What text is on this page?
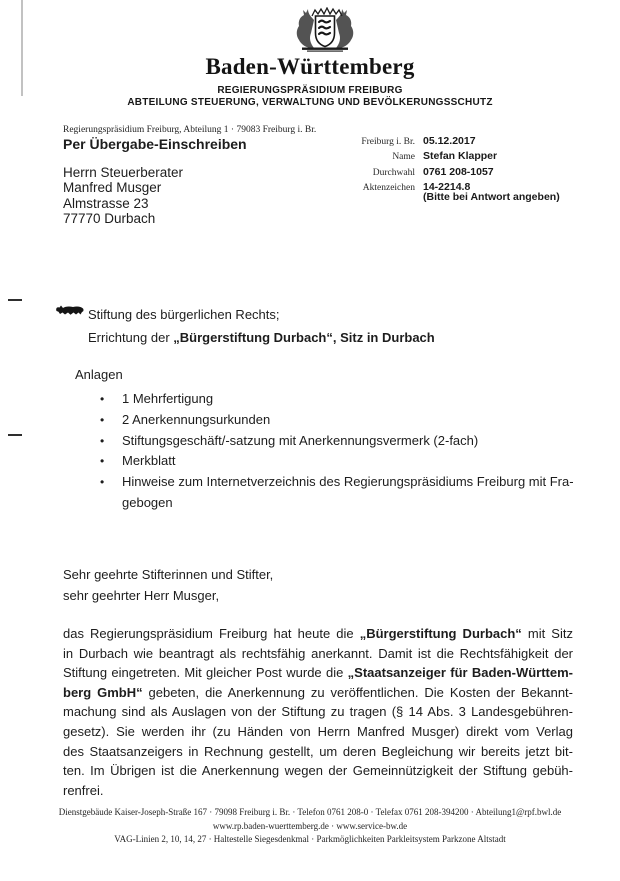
Baden-Württemberg
REGIERUNGSPRÄSIDIUM FREIBURG
ABTEILUNG STEUERUNG, VERWALTUNG UND BEVÖLKERUNGSSCHUTZ
Regierungspräsidium Freiburg, Abteilung 1 · 79083 Freiburg i. Br.
Per Übergabe-Einschreiben
Herrn Steuerberater
Manfred Musger
Almstrasse 23
77770 Durbach
Freiburg i. Br. 05.12.2017
Name Stefan Klapper
Durchwahl 0761 208-1057
Aktenzeichen 14-2214.8
(Bitte bei Antwort angeben)
Stiftung des bürgerlichen Rechts;
Errichtung der „Bürgerstiftung Durbach“, Sitz in Durbach
Anlagen
•	1 Mehrfertigung
•	2 Anerkennungsurkunden
•	Stiftungsgeschäft/-satzung mit Anerkennungsvermerk (2-fach)
•	Merkblatt
•	Hinweise zum Internetverzeichnis des Regierungspräsidiums Freiburg mit Fra-
gebogen
Sehr geehrte Stifterinnen und Stifter,
sehr geehrter Herr Musger,
das Regierungspräsidium Freiburg hat heute die „Bürgerstiftung Durbach“ mit Sitz
in Durbach wie beantragt als rechtsfähig anerkannt. Damit ist die Rechtsfähigkeit der
Stiftung eingetreten. Mit gleicher Post wurde die „Staatsanzeiger für Baden-Württem-
berg GmbH“ gebeten, die Anerkennung zu veröffentlichen. Die Kosten der Bekannt-
machung sind als Auslagen von der Stiftung zu tragen (§ 14 Abs. 3 Landesgebühren-
gesetz). Sie werden ihr (zu Händen von Herrn Manfred Musger) direkt vom Verlag
des Staatsanzeigers in Rechnung gestellt, um deren Begleichung wir bereits jetzt bit-
ten. Im Übrigen ist die Anerkennung wegen der Gemeinnützigkeit der Stiftung gebüh-
renfrei.
Dienstgebäude Kaiser-Joseph-Straße 167 · 79098 Freiburg i. Br. · Telefon 0761 208-0 · Telefax 0761 208-394200 · Abteilung1@rpf.bwl.de
www.rp.baden-wuerttemberg.de · www.service-bw.de
VAG-Linien 2, 10, 14, 27 · Haltestelle Siegesdenkmal · Parkmöglichkeiten Parkleitsystem Parkzone Altstadt
